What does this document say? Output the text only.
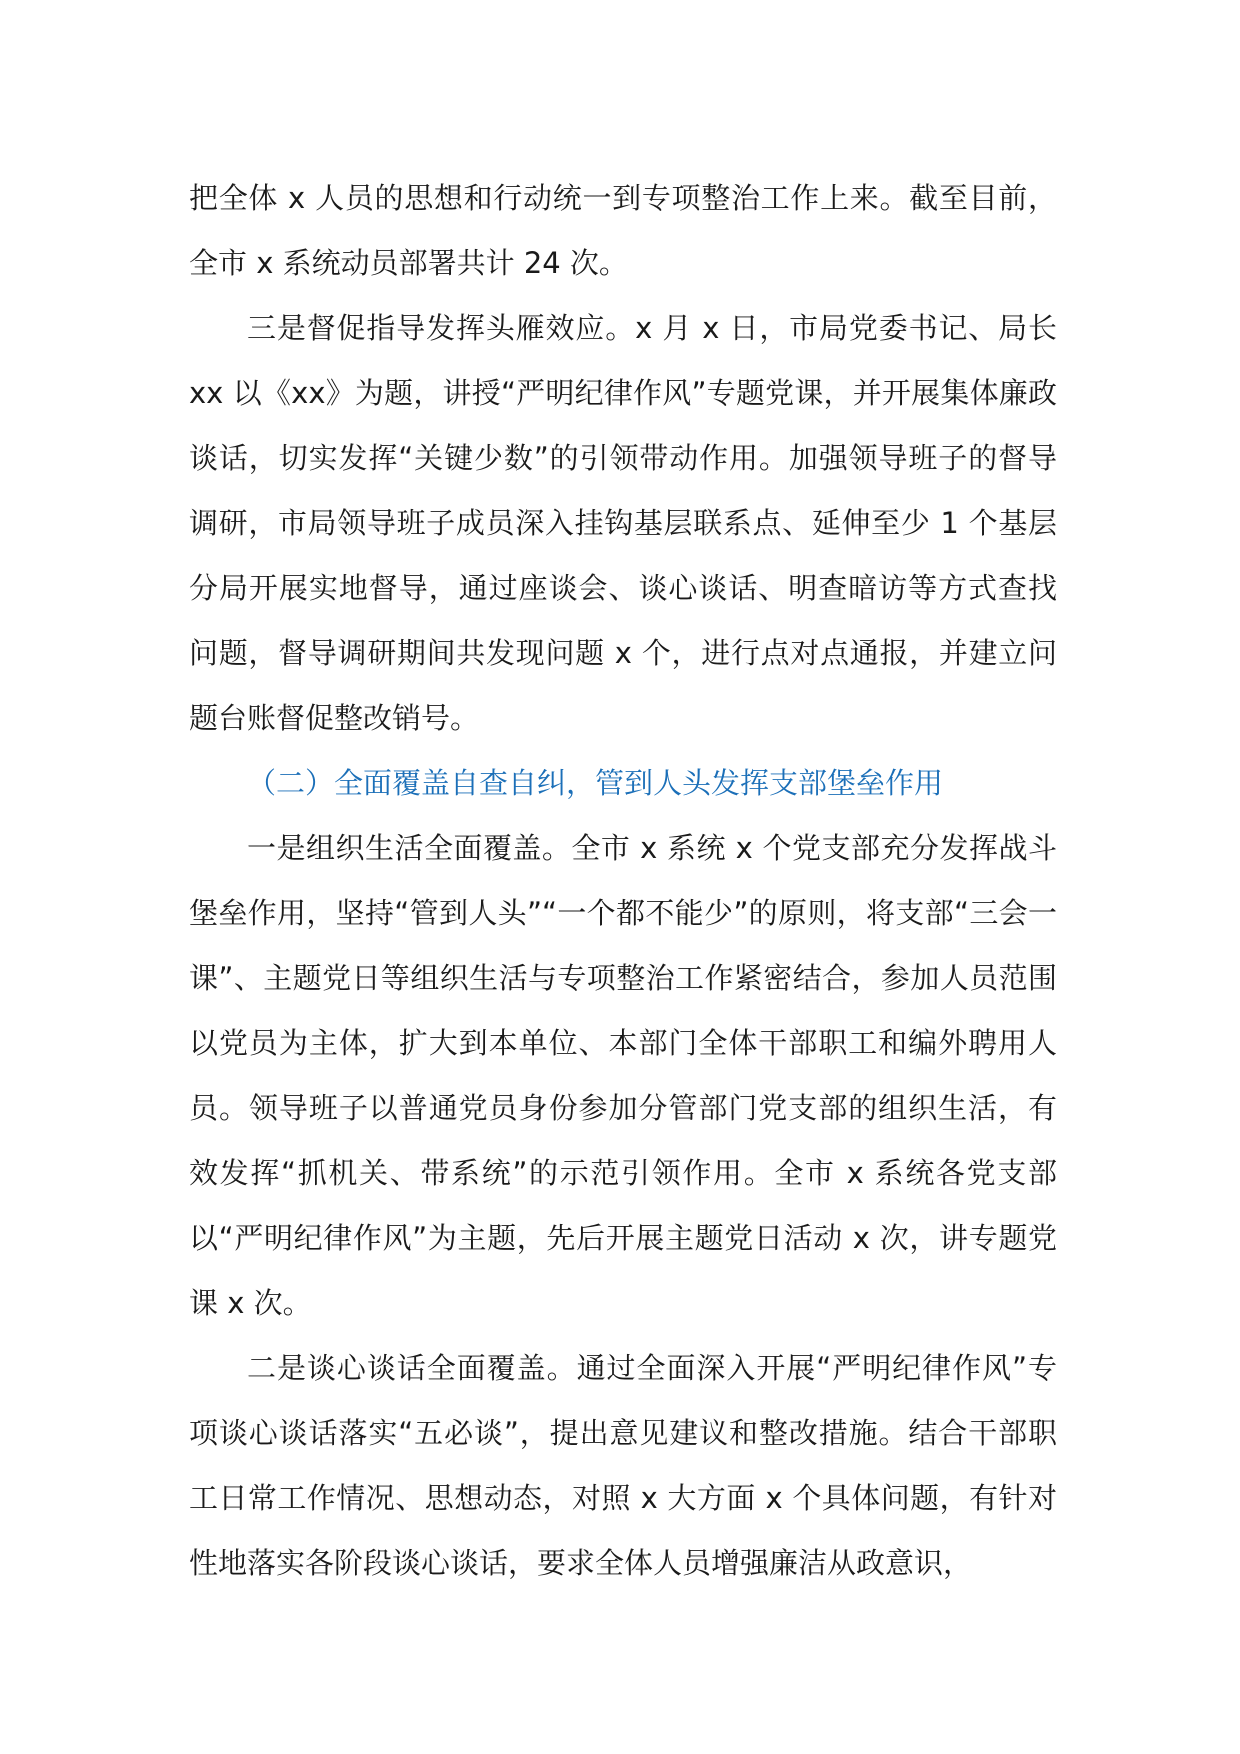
把全体 x 人员的思想和行动统一到专项整治工作上来。截至目前，全市 x 系统动员部署共计 24 次。

三是督促指导发挥头雁效应。x 月 x 日，市局党委书记、局长 xx 以《xx》为题，讲授“严明纪律作风”专题党课，并开展集体廉政谈话，切实发挥“关键少数”的引领带动作用。加强领导班子的督导调研，市局领导班子成员深入挂钩基层联系点、延伸至少 1 个基层分局开展实地督导，通过座谈会、谈心谈话、明查暗访等方式查找问题，督导调研期间共发现问题 x 个，进行点对点通报，并建立问题台账督促整改销号。

（二）全面覆盖自查自纠，管到人头发挥支部堡垒作用

一是组织生活全面覆盖。全市 x 系统 x 个党支部充分发挥战斗堡垒作用，坚持“管到人头”“一个都不能少”的原则，将支部“三会一课”、主题党日等组织生活与专项整治工作紧密结合，参加人员范围以党员为主体，扩大到本单位、本部门全体干部职工和编外聘用人员。领导班子以普通党员身份参加分管部门党支部的组织生活，有效发挥“抓机关、带系统”的示范引领作用。全市 x 系统各党支部以“严明纪律作风”为主题，先后开展主题党日活动 x 次，讲专题党课 x 次。

二是谈心谈话全面覆盖。通过全面深入开展“严明纪律作风”专项谈心谈话落实“五必谈”，提出意见建议和整改措施。结合干部职工日常工作情况、思想动态，对照 x 大方面 x 个具体问题，有针对性地落实各阶段谈心谈话，要求全体人员增强廉洁从政意识，
